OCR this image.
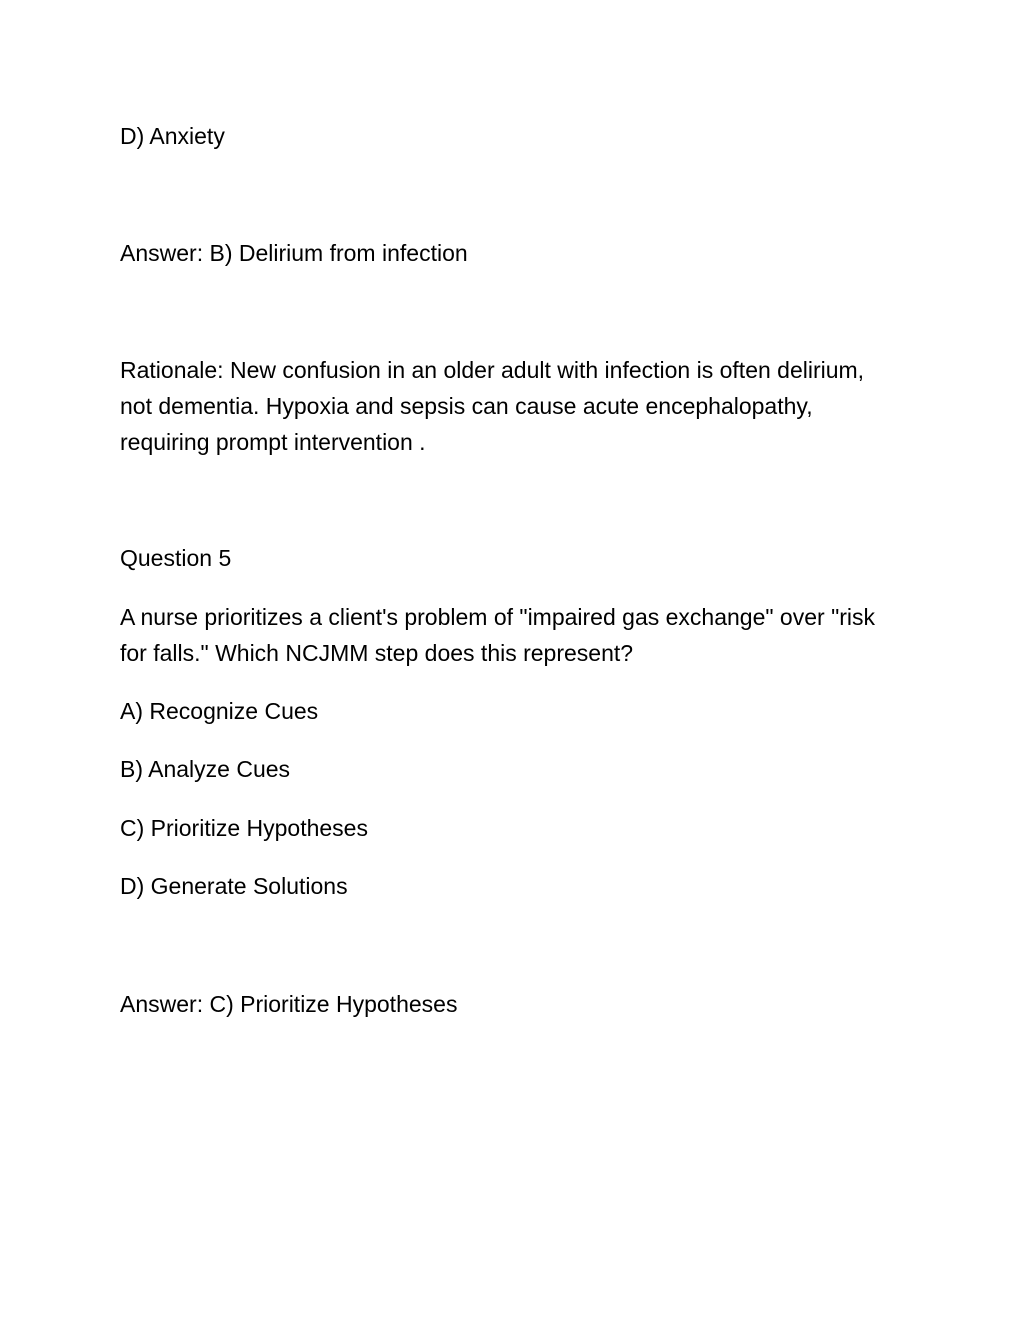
D) Anxiety
Answer: B) Delirium from infection
Rationale: New confusion in an older adult with infection is often delirium, not dementia. Hypoxia and sepsis can cause acute encephalopathy, requiring prompt intervention .
Question 5
A nurse prioritizes a client's problem of "impaired gas exchange" over "risk for falls." Which NCJMM step does this represent?
A) Recognize Cues
B) Analyze Cues
C) Prioritize Hypotheses
D) Generate Solutions
Answer: C) Prioritize Hypotheses
